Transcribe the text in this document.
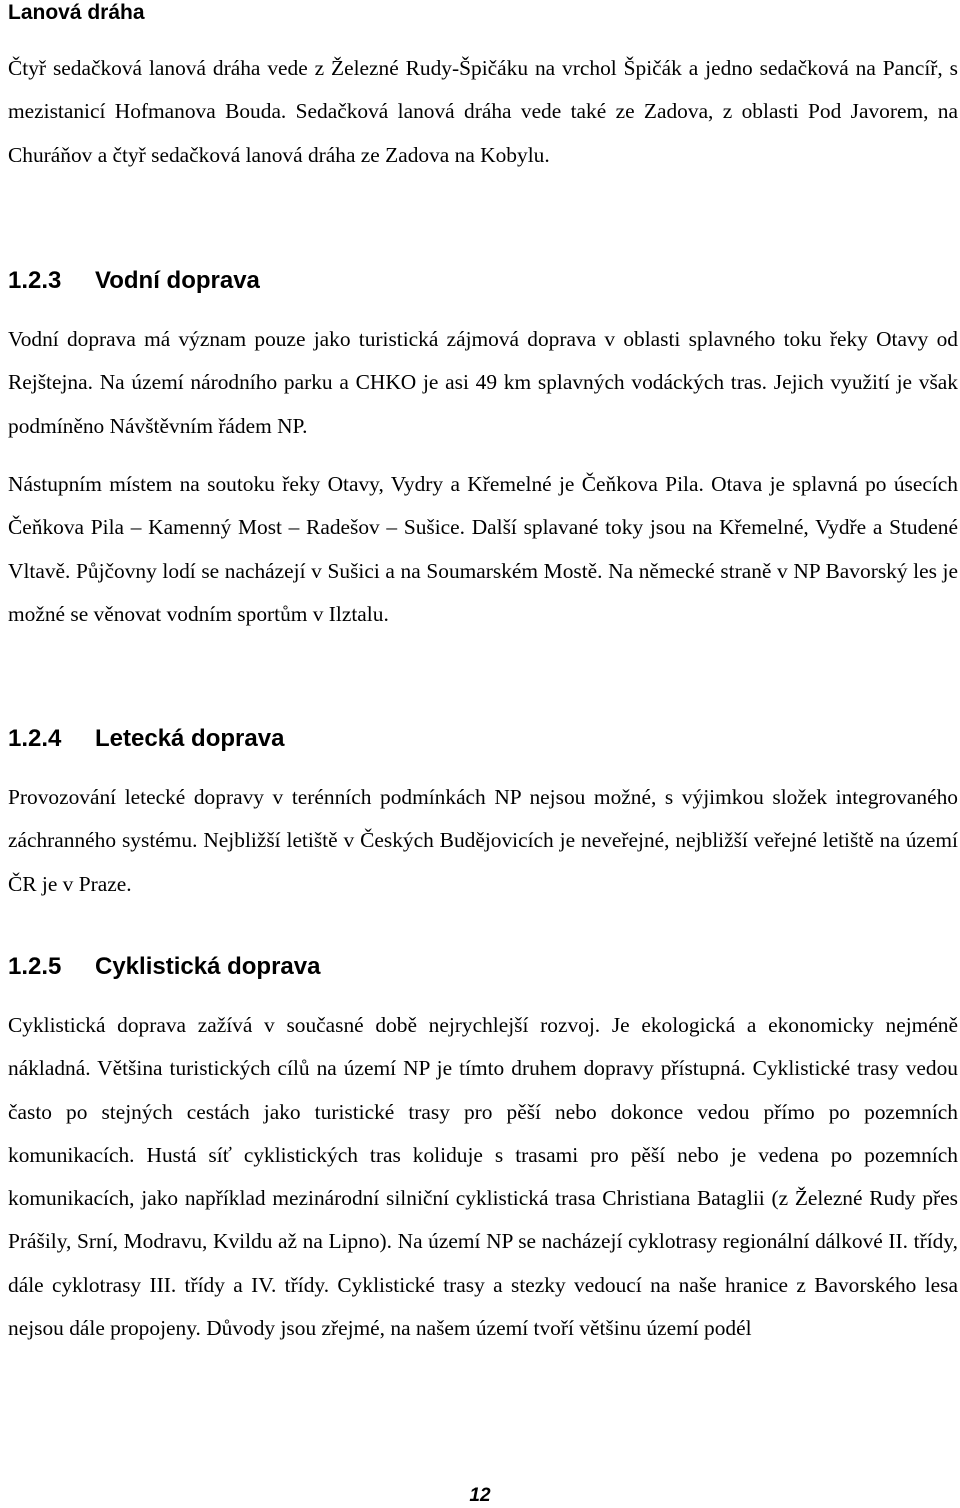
Lanová dráha

Čtyř sedačková lanová dráha vede z Železné Rudy-Špičáku na vrchol Špičák a jedno sedačková na Pancíř, s mezistanicí Hofmanova Bouda. Sedačková lanová dráha vede také ze Zadova, z oblasti Pod Javorem, na Churáňov a čtyř sedačková lanová dráha ze Zadova na Kobylu.

1.2.3 Vodní doprava

Vodní doprava má význam pouze jako turistická zájmová doprava v oblasti splavného toku řeky Otavy od Rejštejna. Na území národního parku a CHKO je asi 49 km splavných vodáckých tras. Jejich využití je však podmíněno Návštěvním řádem NP.

Nástupním místem na soutoku řeky Otavy, Vydry a Křemelné je Čeňkova Pila. Otava je splavná po úsecích Čeňkova Pila – Kamenný Most – Radešov – Sušice. Další splavané toky jsou na Křemelné, Vydře a Studené Vltavě. Půjčovny lodí se nacházejí v Sušici a na Soumarském Mostě. Na německé straně v NP Bavorský les je možné se věnovat vodním sportům v Ilztalu.

1.2.4 Letecká doprava

Provozování letecké dopravy v terénních podmínkách NP nejsou možné, s výjimkou složek integrovaného záchranného systému. Nejbližší letiště v Českých Budějovicích je neveřejné, nejbližší veřejné letiště na území ČR je v Praze.

1.2.5 Cyklistická doprava

Cyklistická doprava zažívá v současné době nejrychlejší rozvoj. Je ekologická a ekonomicky nejméně nákladná. Většina turistických cílů na území NP je tímto druhem dopravy přístupná. Cyklistické trasy vedou často po stejných cestách jako turistické trasy pro pěší nebo dokonce vedou přímo po pozemních komunikacích. Hustá síť cyklistických tras koliduje s trasami pro pěší nebo je vedena po pozemních komunikacích, jako například mezinárodní silniční cyklistická trasa Christiana Bataglii (z Železné Rudy přes Prášily, Srní, Modravu, Kvildu až na Lipno). Na území NP se nacházejí cyklotrasy regionální dálkové II. třídy, dále cyklotrasy III. třídy a IV. třídy. Cyklistické trasy a stezky vedoucí na naše hranice z Bavorského lesa nejsou dále propojeny. Důvody jsou zřejmé, na našem území tvoří většinu území podél

12
